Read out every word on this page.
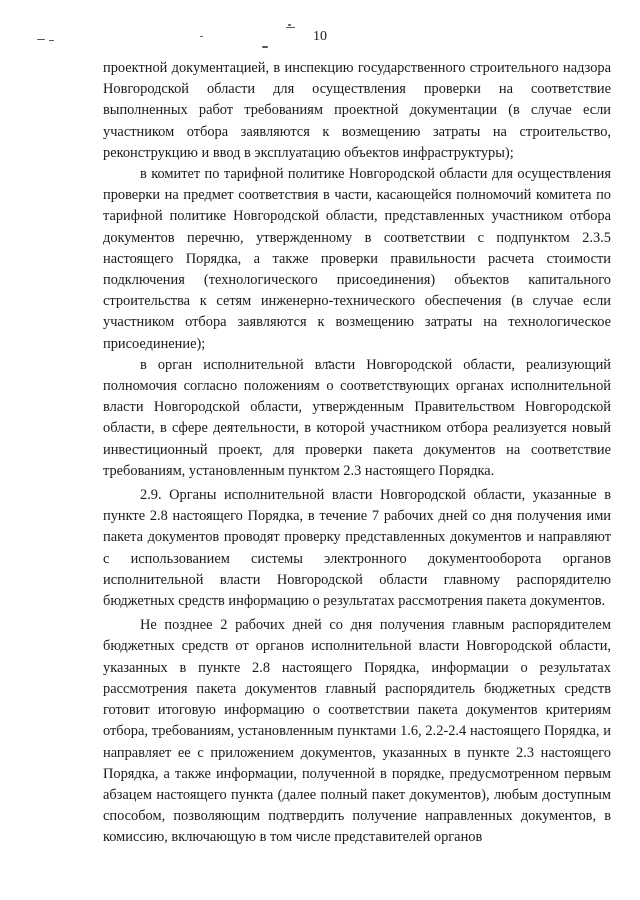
10

проектной документацией, в инспекцию государственного строительного надзора Новгородской области для осуществления проверки на соответствие выполненных работ требованиям проектной документации (в случае если участником отбора заявляются к возмещению затраты на строительство, реконструкцию и ввод в эксплуатацию объектов инфраструктуры);

в комитет по тарифной политике Новгородской области для осуществления проверки на предмет соответствия в части, касающейся полномочий комитета по тарифной политике Новгородской области, представленных участником отбора документов перечню, утвержденному в соответствии с подпунктом 2.3.5 настоящего Порядка, а также проверки правильности расчета стоимости подключения (технологического присоединения) объектов капитального строительства к сетям инженерно-технического обеспечения (в случае если участником отбора заявляются к возмещению затраты на технологическое присоединение);

в орган исполнительной власти Новгородской области, реализующий полномочия согласно положениям о соответствующих органах исполнительной власти Новгородской области, утвержденным Правительством Новгородской области, в сфере деятельности, в которой участником отбора реализуется новый инвестиционный проект, для проверки пакета документов на соответствие требованиям, установленным пунктом 2.3 настоящего Порядка.

2.9. Органы исполнительной власти Новгородской области, указанные в пункте 2.8 настоящего Порядка, в течение 7 рабочих дней со дня получения ими пакета документов проводят проверку представленных документов и направляют с использованием системы электронного документооборота органов исполнительной власти Новгородской области главному распорядителю бюджетных средств информацию о результатах рассмотрения пакета документов.

Не позднее 2 рабочих дней со дня получения главным распорядителем бюджетных средств от органов исполнительной власти Новгородской области, указанных в пункте 2.8 настоящего Порядка, информации о результатах рассмотрения пакета документов главный распорядитель бюджетных средств готовит итоговую информацию о соответствии пакета документов критериям отбора, требованиям, установленным пунктами 1.6, 2.2-2.4 настоящего Порядка, и направляет ее с приложением документов, указанных в пункте 2.3 настоящего Порядка, а также информации, полученной в порядке, предусмотренном первым абзацем настоящего пункта (далее полный пакет документов), любым доступным способом, позволяющим подтвердить получение направленных документов, в комиссию, включающую в том числе представителей органов
